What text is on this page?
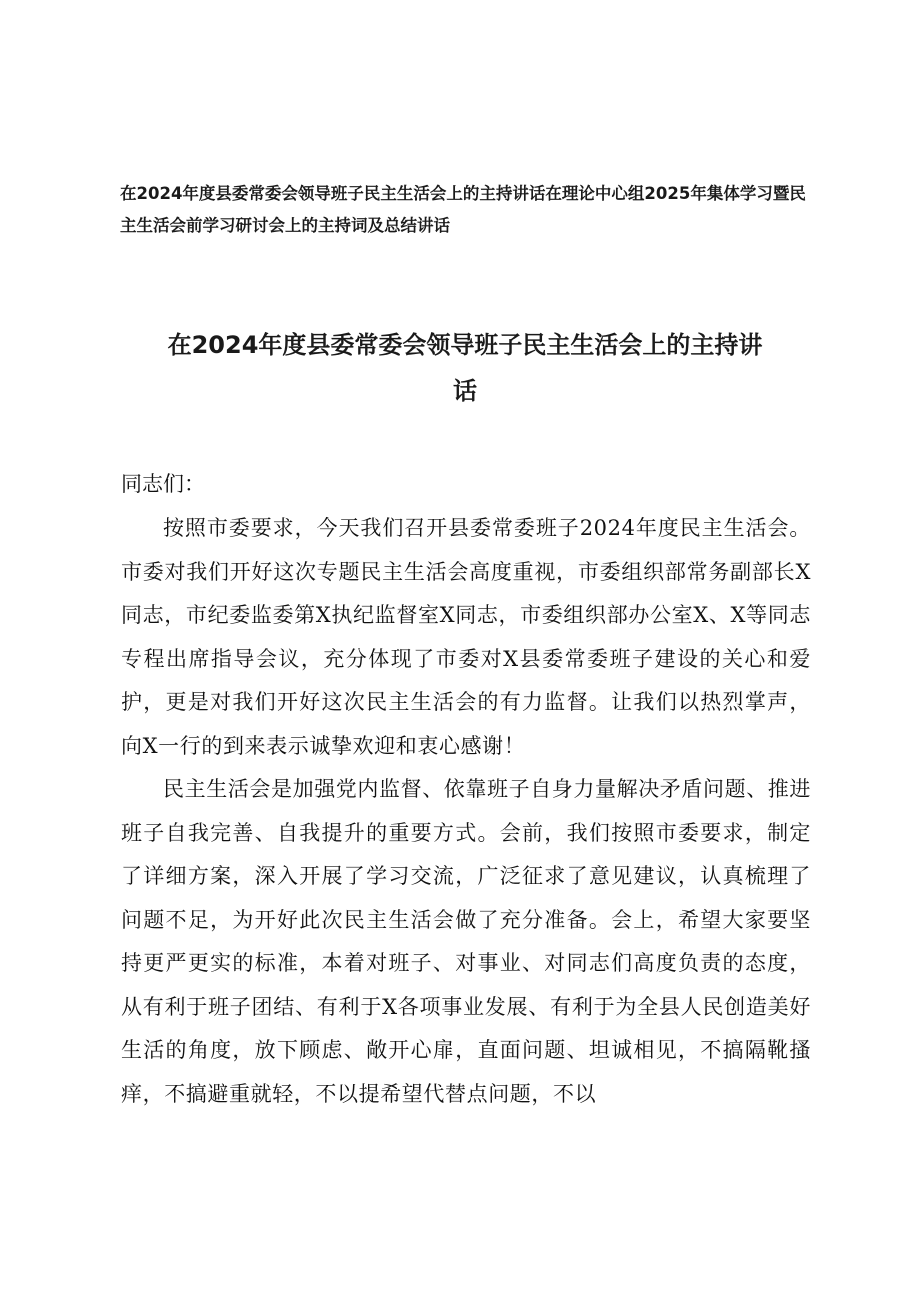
在2024年度县委常委会领导班子民主生活会上的主持讲话在理论中心组2025年集体学习暨民主生活会前学习研讨会上的主持词及总结讲话
在2024年度县委常委会领导班子民主生活会上的主持讲
话
同志们：

按照市委要求，今天我们召开县委常委班子2024年度民主生活会。市委对我们开好这次专题民主生活会高度重视，市委组织部常务副部长X同志，市纪委监委第X执纪监督室X同志，市委组织部办公室X、X等同志专程出席指导会议，充分体现了市委对X县委常委班子建设的关心和爱护，更是对我们开好这次民主生活会的有力监督。让我们以热烈掌声，向X一行的到来表示诚挚欢迎和衷心感谢！

民主生活会是加强党内监督、依靠班子自身力量解决矛盾问题、推进班子自我完善、自我提升的重要方式。会前，我们按照市委要求，制定了详细方案，深入开展了学习交流，广泛征求了意见建议，认真梳理了问题不足，为开好此次民主生活会做了充分准备。会上，希望大家要坚持更严更实的标准，本着对班子、对事业、对同志们高度负责的态度，从有利于班子团结、有利于X各项事业发展、有利于为全县人民创造美好生活的角度，放下顾虑、敞开心扉，直面问题、坦诚相见，不搞隔靴搔痒，不搞避重就轻，不以提希望代替点问题，不以
